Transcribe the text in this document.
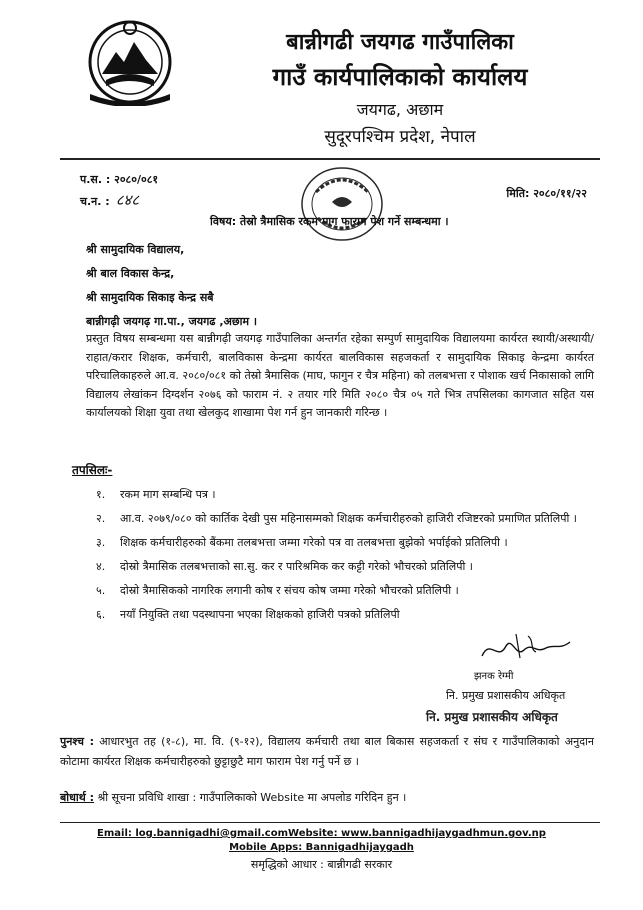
बान्नीगढी जयगढ गाउँपालिका
गाउँ कार्यपालिकाको कार्यालय
जयगढ, अछाम
सुदूरपश्चिम प्रदेश, नेपाल
प.स. : २०८०/०८१
च.न. : ८४८	मिति: २०८०/११/२२
विषय: तेस्रो त्रैमासिक रकम माग फाराम पेश गर्ने सम्बन्धमा ।
श्री सामुदायिक विद्यालय,
श्री बाल विकास केन्द्र,
श्री सामुदायिक सिकाइ केन्द्र सबै
बान्नीगढ़ी जयगढ़ गा.पा., जयगढ ,अछाम ।
प्रस्तुत विषय सम्बन्धमा यस बान्नीगढ़ी जयगढ़ गाउँपालिका अन्तर्गत रहेका सम्पुर्ण सामुदायिक विद्यालयमा कार्यरत स्थायी/अस्थायी/राहात/करार शिक्षक, कर्मचारी, बालविकास केन्द्रमा कार्यरत बालविकास सहजकर्ता र सामुदायिक सिकाइ केन्द्रमा कार्यरत परिचालिकाहरुले आ.व. २०८०/०८१ को तेस्रो त्रैमासिक (माघ, फागुन र चैत्र महिना) को तलबभत्ता र पोशाक खर्च निकासाको लागि विद्यालय लेखांकन दिग्दर्शन २०७६ को फाराम नं. २ तयार गरि मिति २०८० चैत्र ०५ गते भित्र तपसिलका कागजात सहित यस कार्यालयको शिक्षा युवा तथा खेलकुद शाखामा पेश गर्न हुन जानकारी गरिन्छ ।
तपसिलः-
१. रकम माग सम्बन्धि पत्र ।
२. आ.व. २०७९/०८० को कार्तिक देखी पुस महिनासम्मको शिक्षक कर्मचारीहरुको हाजिरी रजिष्टरको प्रमाणित प्रतिलिपी ।
३. शिक्षक कर्मचारीहरुको बैंकमा तलबभत्ता जम्मा गरेको पत्र वा तलबभत्ता बुझेको भर्पाईको प्रतिलिपी ।
४. दोस्रो त्रैमासिक तलबभत्ताको सा.सु. कर र पारिश्रमिक कर कट्टी गरेको भौचरको प्रतिलिपी ।
५. दोस्रो त्रैमासिकको नागरिक लगानी कोष र संचय कोष जम्मा गरेको भौचरको प्रतिलिपी ।
६. नयाँ नियुक्ति तथा पदस्थापना भएका शिक्षकको हाजिरी पत्रको प्रतिलिपी
झनक रेग्मी
नि. प्रमुख प्रशासकीय अधिकृत
नि. प्रमुख प्रशासकीय अधिकृत
पुनश्च : आधारभुत तह (१-८), मा. वि. (९-१२), विद्यालय कर्मचारी तथा बाल बिकास सहजकर्ता र संघ र गाउँपालिकाको अनुदान कोटामा कार्यरत शिक्षक कर्मचारीहरुको छुट्टाछुटै माग फाराम पेश गर्नु पर्ने छ ।
बोधार्थ : श्री सूचना प्रविधि शाखा : गाउँपालिकाको Website मा अपलोड गरिदिन हुन ।
Email: log.bannigadhi@gmail.comWebsite: www.bannigadhijaygadhmun.gov.np
Mobile Apps: Bannigadhijaygadh
समृद्धिको आधार : बान्नीगढी सरकार
